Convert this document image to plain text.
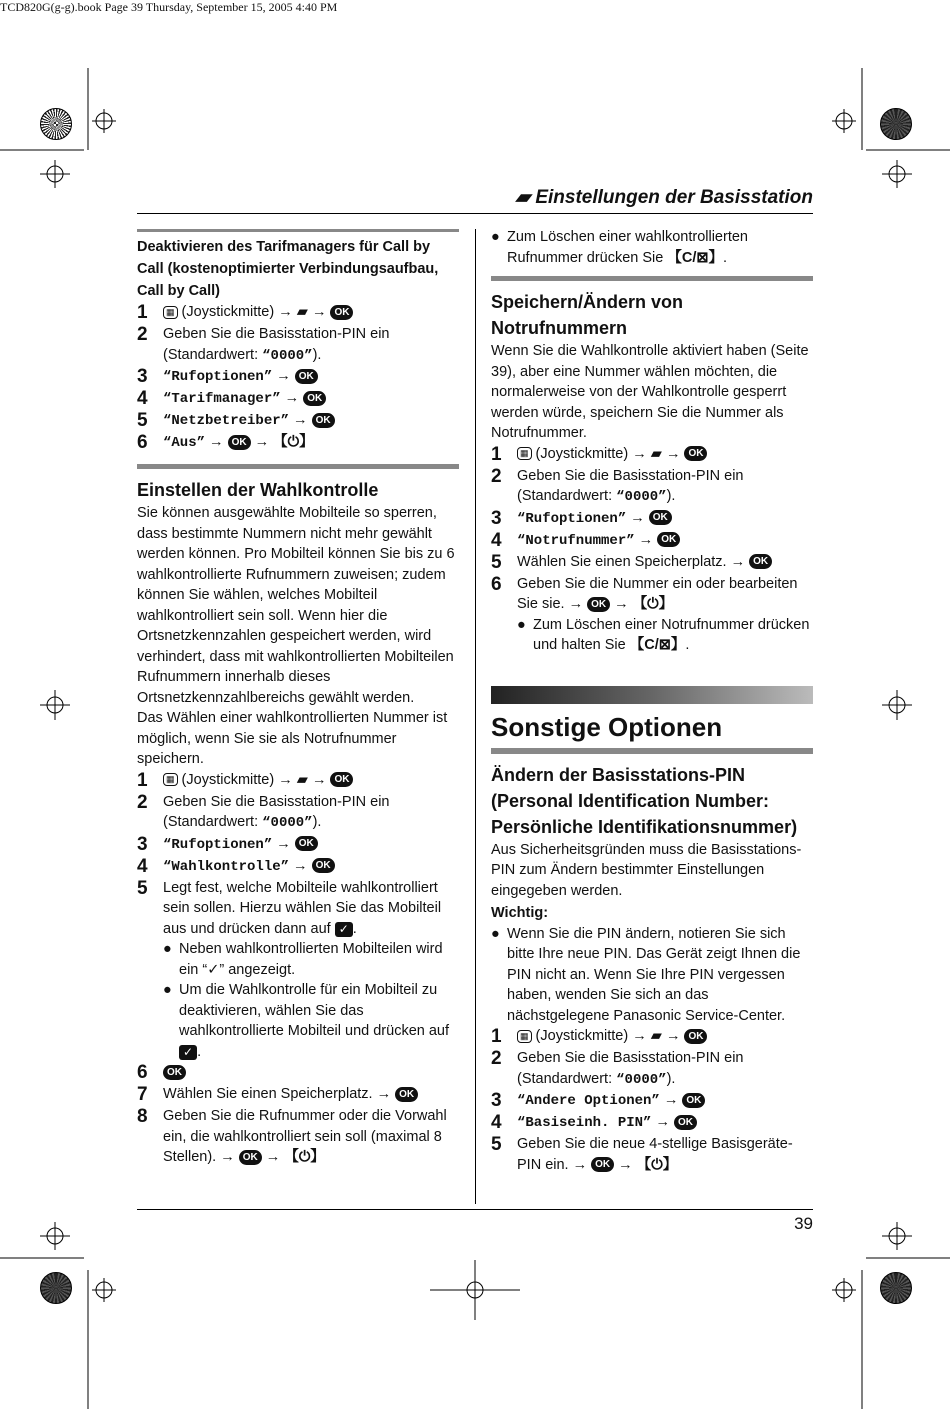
TCD820G(g-g).book Page 39 Thursday, September 15, 2005 4:40 PM
▰ Einstellungen der Basisstation

Deaktivieren des Tarifmanagers für Call by Call (kostenoptimierter Verbindungsaufbau, Call by Call)

1	▦ (Joystickmitte) → ▰ → OK
2	Geben Sie die Basisstation-PIN ein (Standardwert: “0000”).
3	“Rufoptionen” → OK
4	“Tarifmanager” → OK
5	“Netzbetreiber” → OK
6	“Aus” → OK → 【⏻】

Einstellen der Wahlkontrolle

Sie können ausgewählte Mobilteile so sperren, dass bestimmte Nummern nicht mehr gewählt werden können. Pro Mobilteil können Sie bis zu 6 wahlkontrollierte Rufnummern zuweisen; zudem können Sie wählen, welches Mobilteil wahlkontrolliert sein soll. Wenn hier die Ortsnetzkennzahlen gespeichert werden, wird verhindert, dass mit wahlkontrollierten Mobilteilen Rufnummern innerhalb dieses Ortsnetzkennzahlbereichs gewählt werden.

Das Wählen einer wahlkontrollierten Nummer ist möglich, wenn Sie sie als Notrufnummer speichern.

1	▦ (Joystickmitte) → ▰ → OK
2	Geben Sie die Basisstation-PIN ein (Standardwert: “0000”).
3	“Rufoptionen” → OK
4	“Wahlkontrolle” → OK
5	Legt fest, welche Mobilteile wahlkontrolliert sein sollen. Hierzu wählen Sie das Mobilteil aus und drücken dann auf ✓ .
● Neben wahlkontrollierten Mobilteilen wird ein “✓” angezeigt.
● Um die Wahlkontrolle für ein Mobilteil zu deaktivieren, wählen Sie das wahlkontrollierte Mobilteil und drücken auf ✓ .
6	OK
7	Wählen Sie einen Speicherplatz. → OK
8	Geben Sie die Rufnummer oder die Vorwahl ein, die wahlkontrolliert sein soll (maximal 8 Stellen). → OK → 【⏻】
● Zum Löschen einer wahlkontrollierten Rufnummer drücken Sie 【C/⊠】.

Speichern/Ändern von Notrufnummern

Wenn Sie die Wahlkontrolle aktiviert haben (Seite 39), aber eine Nummer wählen möchten, die normalerweise von der Wahlkontrolle gesperrt werden würde, speichern Sie die Nummer als Notrufnummer.

1	▦ (Joystickmitte) → ▰ → OK
2	Geben Sie die Basisstation-PIN ein (Standardwert: “0000”).
3	“Rufoptionen” → OK
4	“Notrufnummer” → OK
5	Wählen Sie einen Speicherplatz. → OK
6	Geben Sie die Nummer ein oder bearbeiten Sie sie. → OK → 【⏻】
● Zum Löschen einer Notrufnummer drücken und halten Sie 【C/⊠】.

Sonstige Optionen

Ändern der Basisstations-PIN (Personal Identification Number: Persönliche Identifikationsnummer)

Aus Sicherheitsgründen muss die Basisstations-PIN zum Ändern bestimmter Einstellungen eingegeben werden.

Wichtig:

● Wenn Sie die PIN ändern, notieren Sie sich bitte Ihre neue PIN. Das Gerät zeigt Ihnen die PIN nicht an. Wenn Sie Ihre PIN vergessen haben, wenden Sie sich an das nächstgelegene Panasonic Service-Center.
1	▦ (Joystickmitte) → ▰ → OK
2	Geben Sie die Basisstation-PIN ein (Standardwert: “0000”).
3	“Andere Optionen” → OK
4	“Basiseinh. PIN” → OK
5	Geben Sie die neue 4-stellige Basisgeräte-PIN ein. → OK → 【⏻】
39
